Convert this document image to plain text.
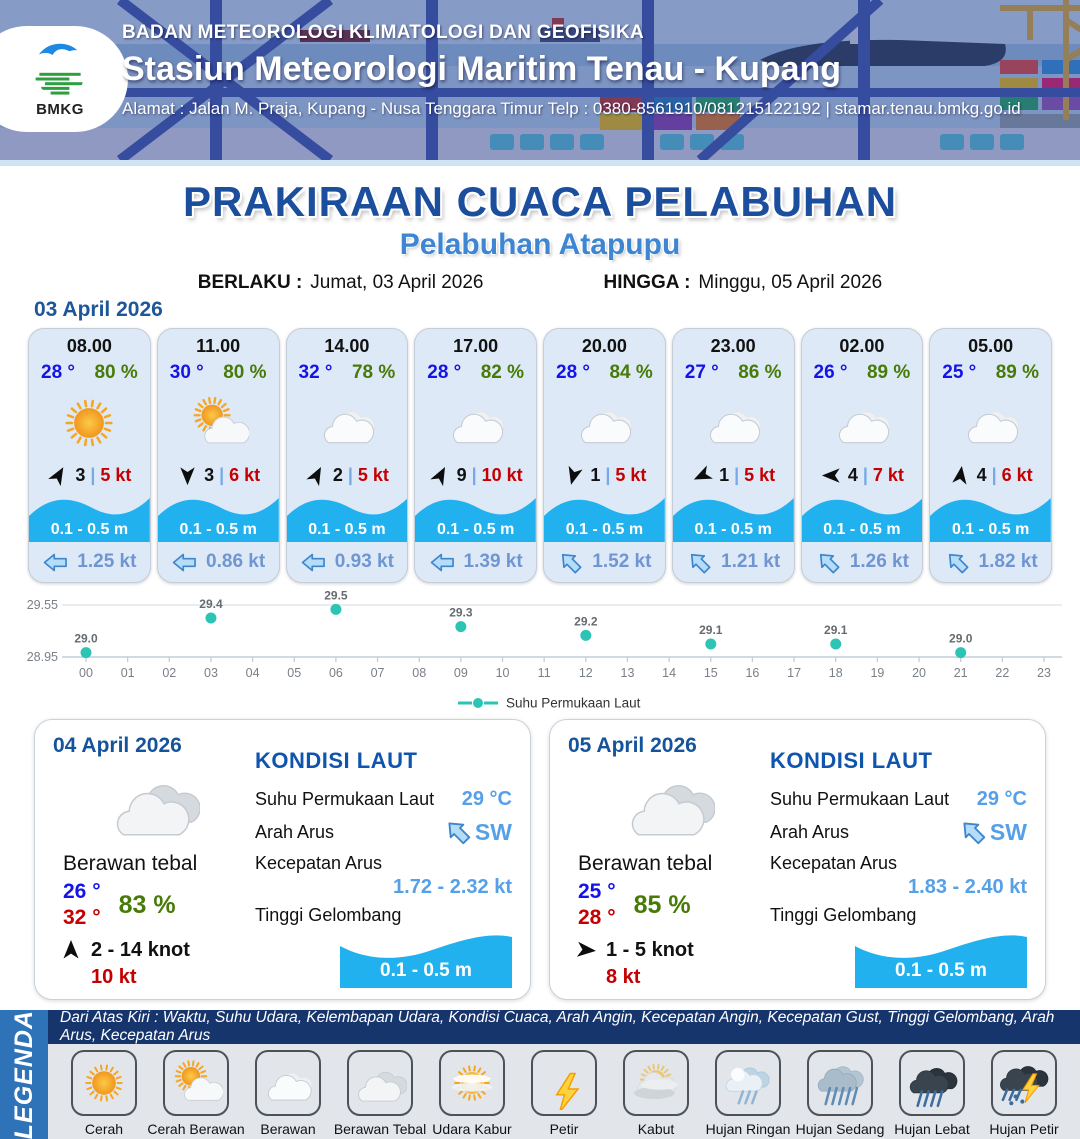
BMKG
BADAN METEOROLOGI KLIMATOLOGI DAN GEOFISIKA
Stasiun Meteorologi Maritim Tenau - Kupang
Alamat : Jalan M. Praja, Kupang - Nusa Tenggara Timur Telp : 0380-8561910/081215122192 | stamar.tenau.bmkg.go.id
PRAKIRAAN CUACA PELABUHAN
Pelabuhan Atapupu
BERLAKU : Jumat, 03 April 2026	HINGGA : Minggu, 05 April 2026
03 April 2026
08.00
28 ° 80 %
3 | 5 kt
0.1 - 0.5 m
1.25 kt
11.00
30 ° 80 %
3 | 6 kt
0.1 - 0.5 m
0.86 kt
14.00
32 ° 78 %
2 | 5 kt
0.1 - 0.5 m
0.93 kt
17.00
28 ° 82 %
9 | 10 kt
0.1 - 0.5 m
1.39 kt
20.00
28 ° 84 %
1 | 5 kt
0.1 - 0.5 m
1.52 kt
23.00
27 ° 86 %
1 | 5 kt
0.1 - 0.5 m
1.21 kt
02.00
26 ° 89 %
4 | 7 kt
0.1 - 0.5 m
1.26 kt
05.00
25 ° 89 %
4 | 6 kt
0.1 - 0.5 m
1.82 kt
29.55
28.95
00 01 02 03 04 05 06 07 08 09 10 11 12 13 14 15 16 17 18 19 20 21 22 23
29.0
29.4
29.5
29.3
29.2
29.1	29.1
29.0
Suhu Permukaan Laut
04 April 2026
Berawan tebal
26 °
32 ° 83 %
2 - 14 knot
10 kt
KONDISI LAUT
Suhu Permukaan Laut 29 °C
Arah Arus	SW
Kecepatan Arus
1.72 - 2.32 kt
Tinggi Gelombang
0.1 - 0.5 m
05 April 2026
Berawan tebal
25 °
28 ° 85 %
1 - 5 knot
8 kt
KONDISI LAUT
Suhu Permukaan Laut 29 °C
Arah Arus	SW
Kecepatan Arus
1.83 - 2.40 kt
Tinggi Gelombang
0.1 - 0.5 m
LEGENDA	Dari Atas Kiri : Waktu, Suhu Udara, Kelembapan Udara, Kondisi Cuaca, Arah Angin, Kecepatan Angin, Kecepatan Gust, Tinggi Gelombang, Arah Arus, Kecepatan Arus
Cerah Cerah Berawan Berawan Berawan Tebal Udara Kabur	Petir	Kabut Hujan Ringan Hujan Sedang Hujan Lebat Hujan Petir
